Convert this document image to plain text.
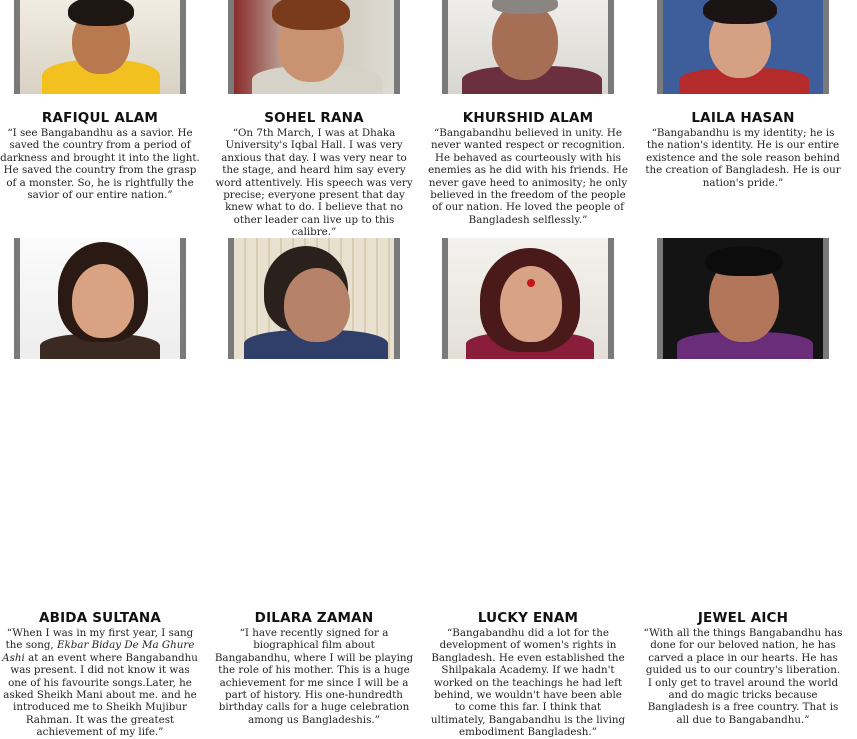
RAFIQUL ALAM
“I see Bangabandhu as a savior. He saved the country from a period of darkness and brought it into the light. He saved the country from the grasp of a monster. So, he is rightfully the savior of our entire nation.”
SOHEL RANA
“On 7th March, I was at Dhaka University's Iqbal Hall. I was very anxious that day. I was very near to the stage, and heard him say every word attentively. His speech was very precise; everyone present that day knew what to do. I believe that no other leader can live up to this calibre.”
KHURSHID ALAM
“Bangabandhu believed in unity. He never wanted respect or recognition. He behaved as courteously with his enemies as he did with his friends. He never gave heed to animosity; he only believed in the freedom of the people of our nation. He loved the people of Bangladesh selflessly.”
LAILA HASAN
“Bangabandhu is my identity; he is the nation's identity. He is our entire existence and the sole reason behind the creation of Bangladesh. He is our nation's pride.”
ABIDA SULTANA
“When I was in my first year, I sang the song, Ekbar Biday De Ma Ghure Ashi at an event where Bangabandhu was present. I did not know it was one of his favourite songs.Later, he asked Sheikh Mani about me. and he introduced me to Sheikh Mujibur Rahman. It was the greatest achievement of my life.”
DILARA ZAMAN
“I have recently signed for a biographical film about Bangabandhu, where I will be playing the role of his mother. This is a huge achievement for me since I will be a part of history. His one-hundredth birthday calls for a huge celebration among us Bangladeshis.”
LUCKY ENAM
“Bangabandhu did a lot for the development of women's rights in Bangladesh. He even established the Shilpakala Academy. If we hadn't worked on the teachings he had left behind, we wouldn't have been able to come this far. I think that ultimately, Bangabandhu is the living embodiment Bangladesh.”
JEWEL AICH
“With all the things Bangabandhu has done for our beloved nation, he has carved a place in our hearts. He has guided us to our country's liberation. I only get to travel around the world and do magic tricks because Bangladesh is a free country. That is all due to Bangabandhu.”
